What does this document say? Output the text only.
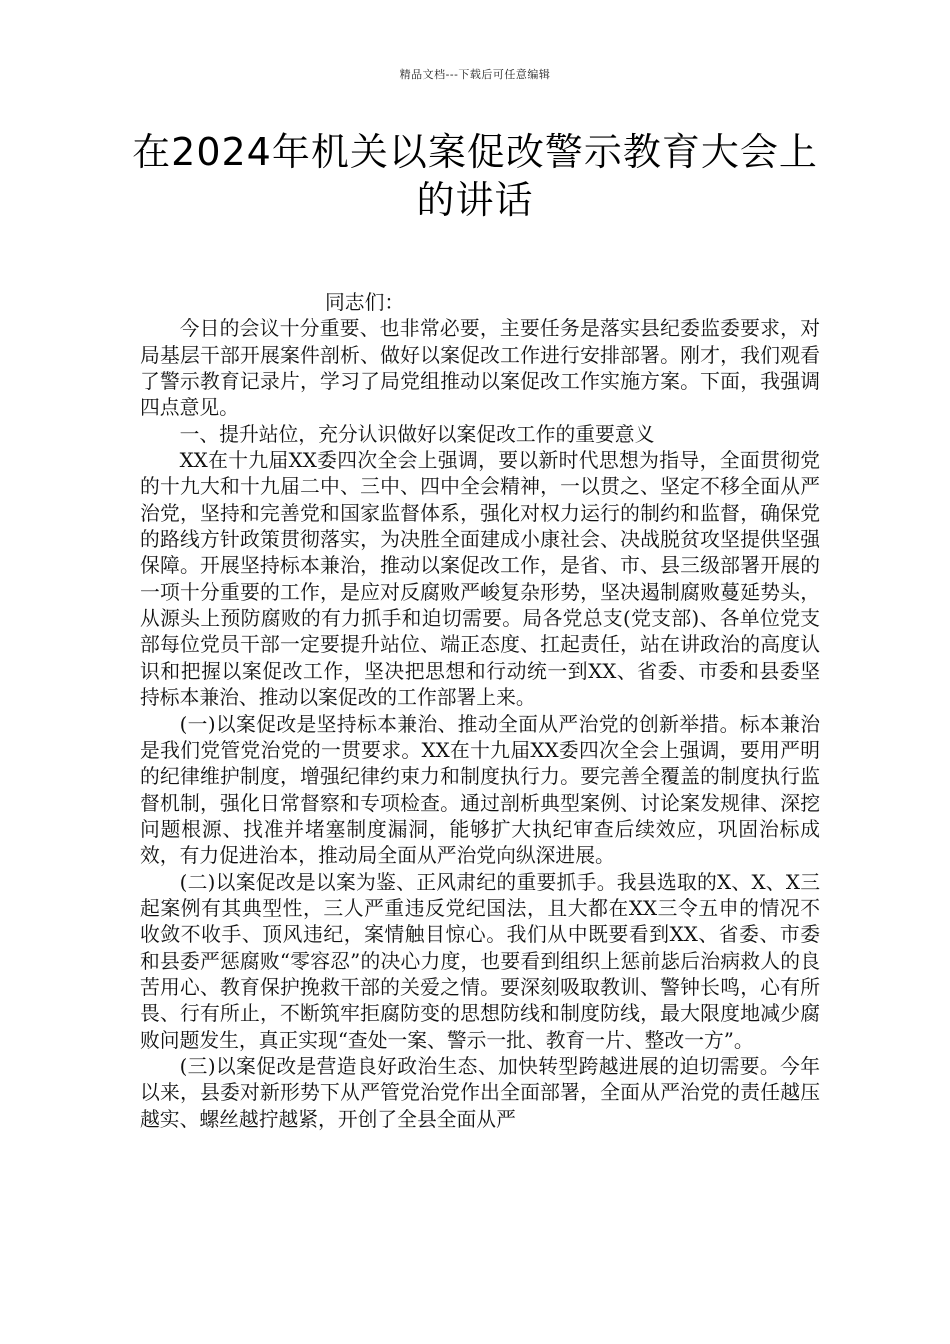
精品文档---下载后可任意编辑
在2024年机关以案促改警示教育大会上的讲话

同志们：

今日的会议十分重要、也非常必要，主要任务是落实县纪委监委要求，对局基层干部开展案件剖析、做好以案促改工作进行安排部署。刚才，我们观看了警示教育记录片，学习了局党组推动以案促改工作实施方案。下面，我强调四点意见。

一、提升站位，充分认识做好以案促改工作的重要意义

XX在十九届XX委四次全会上强调，要以新时代思想为指导，全面贯彻党的十九大和十九届二中、三中、四中全会精神，一以贯之、坚定不移全面从严治党，坚持和完善党和国家监督体系，强化对权力运行的制约和监督，确保党的路线方针政策贯彻落实，为决胜全面建成小康社会、决战脱贫攻坚提供坚强保障。开展坚持标本兼治，推动以案促改工作，是省、市、县三级部署开展的一项十分重要的工作，是应对反腐败严峻复杂形势，坚决遏制腐败蔓延势头，从源头上预防腐败的有力抓手和迫切需要。局各党总支(党支部)、各单位党支部每位党员干部一定要提升站位、端正态度、扛起责任，站在讲政治的高度认识和把握以案促改工作，坚决把思想和行动统一到XX、省委、市委和县委坚持标本兼治、推动以案促改的工作部署上来。

(一)以案促改是坚持标本兼治、推动全面从严治党的创新举措。标本兼治是我们党管党治党的一贯要求。XX在十九届XX委四次全会上强调，要用严明的纪律维护制度，增强纪律约束力和制度执行力。要完善全覆盖的制度执行监督机制，强化日常督察和专项检查。通过剖析典型案例、讨论案发规律、深挖问题根源、找准并堵塞制度漏洞，能够扩大执纪审查后续效应，巩固治标成效，有力促进治本，推动局全面从严治党向纵深进展。

(二)以案促改是以案为鉴、正风肃纪的重要抓手。我县选取的X、X、X三起案例有其典型性，三人严重违反党纪国法，且大都在XX三令五申的情况不收敛不收手、顶风违纪，案情触目惊心。我们从中既要看到XX、省委、市委和县委严惩腐败“零容忍”的决心力度，也要看到组织上惩前毖后治病救人的良苦用心、教育保护挽救干部的关爱之情。要深刻吸取教训、警钟长鸣，心有所畏、行有所止，不断筑牢拒腐防变的思想防线和制度防线，最大限度地减少腐败问题发生，真正实现“查处一案、警示一批、教育一片、整改一方”。

(三)以案促改是营造良好政治生态、加快转型跨越进展的迫切需要。今年以来，县委对新形势下从严管党治党作出全面部署，全面从严治党的责任越压越实、螺丝越拧越紧，开创了全县全面从严
